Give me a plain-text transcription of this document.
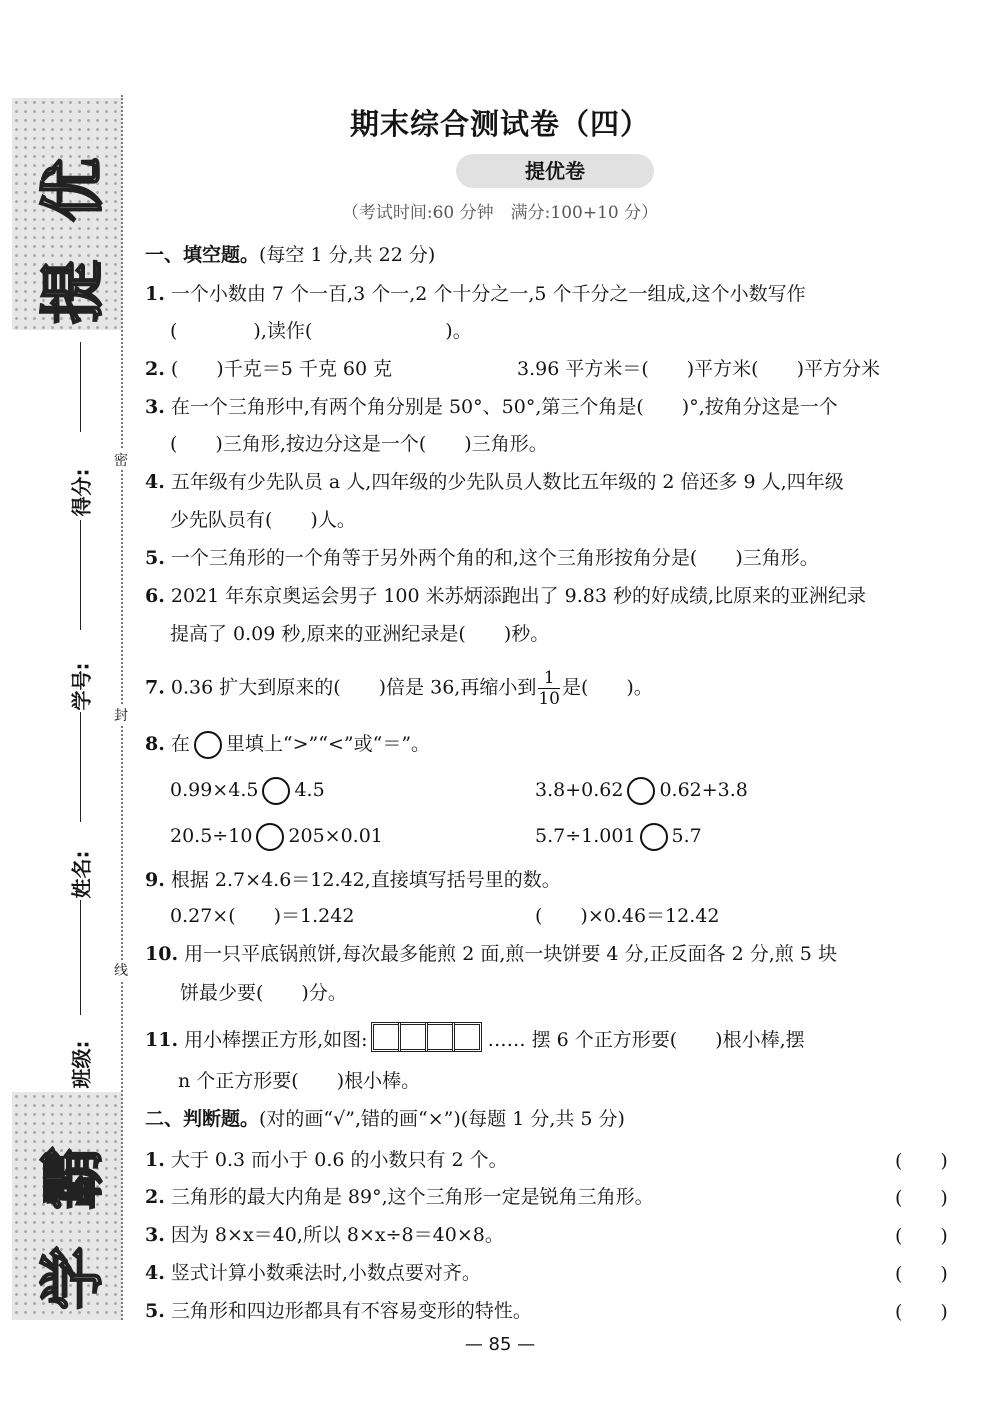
提
优
学
霸
得分:
学号:
姓名:
班级:
密
封
线
期末综合测试卷（四）
提优卷
（考试时间:60 分钟　满分:100+10 分）
一、填空题。(每空 1 分,共 22 分)
1. 一个小数由 7 个一百,3 个一,2 个十分之一,5 个千分之一组成,这个小数写作
(　　　　),读作(　　　　　　　)。
2. (　　)千克＝5 千克 60 克	3.96 平方米＝(　　)平方米(　　)平方分米
3. 在一个三角形中,有两个角分别是 50°、50°,第三个角是(　　)°,按角分这是一个
(　　)三角形,按边分这是一个(　　)三角形。
4. 五年级有少先队员 a 人,四年级的少先队员人数比五年级的 2 倍还多 9 人,四年级
少先队员有(　　)人。
5. 一个三角形的一个角等于另外两个角的和,这个三角形按角分是(　　)三角形。
6. 2021 年东京奥运会男子 100 米苏炳添跑出了 9.83 秒的好成绩,比原来的亚洲纪录
提高了 0.09 秒,原来的亚洲纪录是(　　)秒。
7. 0.36 扩大到原来的(　　)倍是 36,再缩小到 $\frac{1}{10}$ 是(　　)。
8. 在 里填上“>”“<”或“＝”。
0.99×4.5 4.5	3.8+0.62 0.62+3.8
20.5÷10 205×0.01	5.7÷1.001 5.7
9. 根据 2.7×4.6＝12.42,直接填写括号里的数。
0.27×(　　)＝1.242	(　　)×0.46＝12.42
10. 用一只平底锅煎饼,每次最多能煎 2 面,煎一块饼要 4 分,正反面各 2 分,煎 5 块
饼最少要(　　)分。
11. 用小棒摆正方形,如图:	…… 摆 6 个正方形要(　　)根小棒,摆
n 个正方形要(　　)根小棒。
二、判断题。(对的画“√”,错的画“×”)(每题 1 分,共 5 分)
1. 大于 0.3 而小于 0.6 的小数只有 2 个。	(　　)
2. 三角形的最大内角是 89°,这个三角形一定是锐角三角形。	(　　)
3. 因为 8×x＝40,所以 8×x÷8＝40×8。	(　　)
4. 竖式计算小数乘法时,小数点要对齐。	(　　)
5. 三角形和四边形都具有不容易变形的特性。	(　　)
— 85 —
